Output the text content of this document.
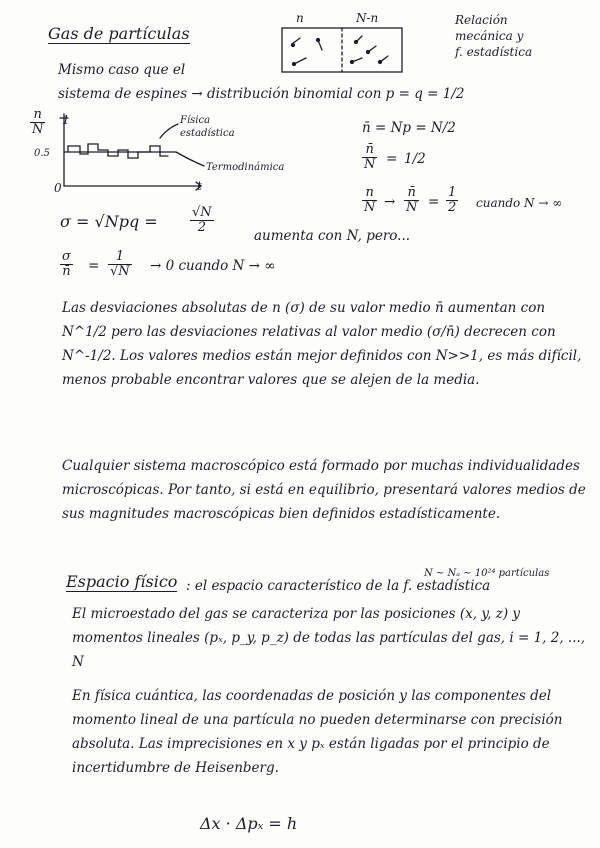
Gas de partículas
n	N-n	Relación
mecánica y
f. estadística
Mismo caso que el
sistema de espines → distribución binomial con p = q = 1/2
$\frac{n}{N} 1$
0.5
0	t
Física
estadística
Termodinámica
n̄ = Np = N/2
$\frac{n̄}{N} = 1/2$
$\frac{n}{N} \to \frac{n̄}{N} = \frac{1}{2}$ cuando N → ∞
$\sigma = √Npq = \frac{√N}{2}$
aumenta con N, pero...
$\frac{\sigma}{n̄} = \frac{1}{√N} \to 0$ cuando N → ∞
Las desviaciones absolutas de n (σ) de su valor medio n̄ aumentan con N^1/2 pero las desviaciones relativas al valor medio (σ/n̄) decrecen con N^-1/2. Los valores medios están mejor definidos con N>>1, es más difícil, menos probable encontrar valores que se alejen de la media.
Cualquier sistema macroscópico está formado por muchas individualidades microscópicas. Por tanto, si está en equilibrio, presentará valores medios de sus magnitudes macroscópicas bien definidos estadísticamente.
N ~ Nₐ ~ 10²⁴ partículas
Espacio físico : el espacio característico de la f. estadística
El microestado del gas se caracteriza por las posiciones (x, y, z) y momentos lineales (pₓ, p_y, p_z) de todas las partículas del gas, i = 1, 2, ..., N
En física cuántica, las coordenadas de posición y las componentes del momento lineal de una partícula no pueden determinarse con precisión absoluta. Las imprecisiones en x y pₓ están ligadas por el principio de incertidumbre de Heisenberg.
Δx · Δpₓ = h
